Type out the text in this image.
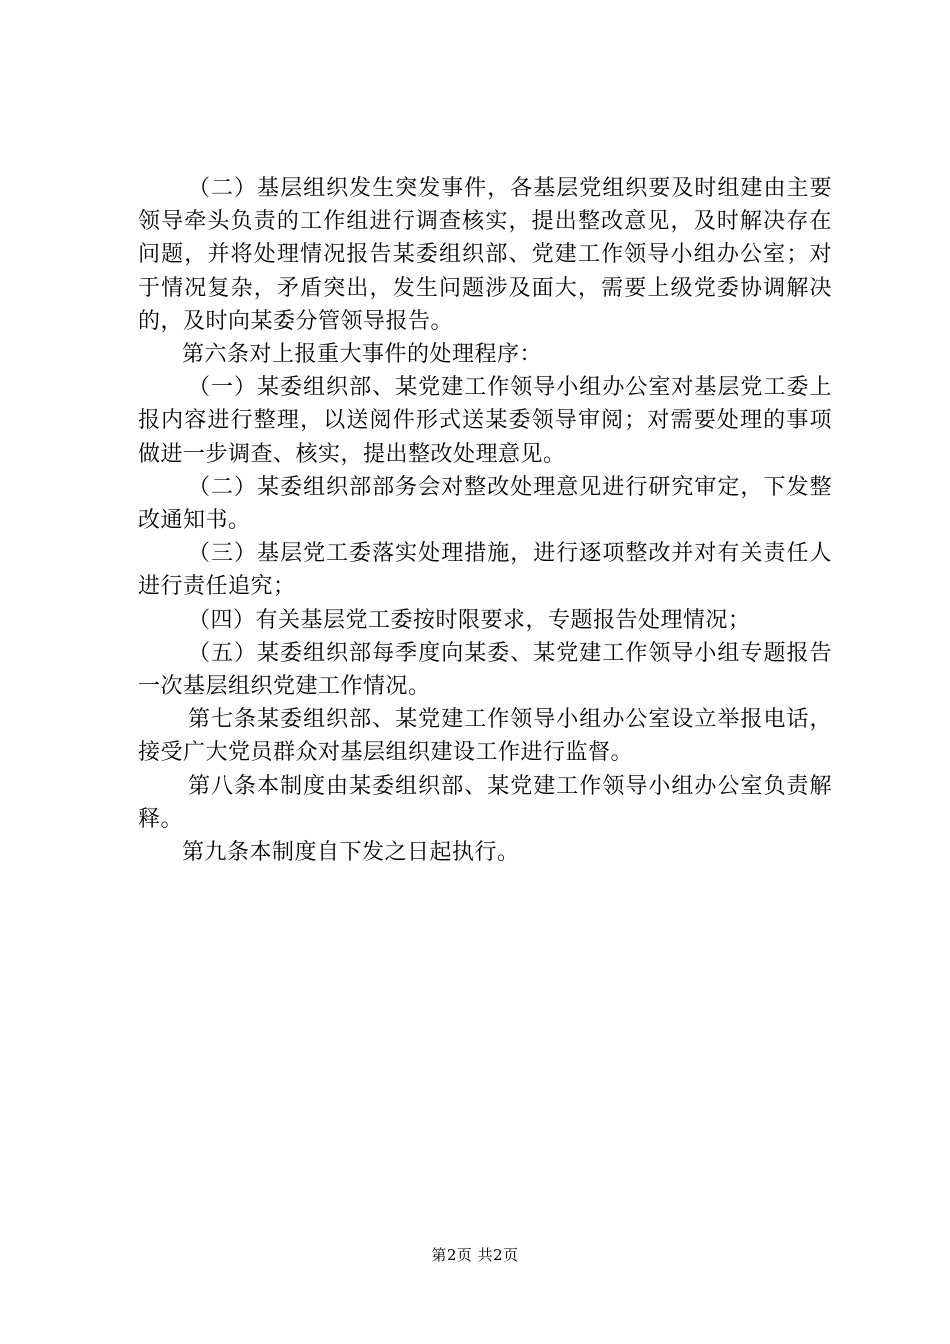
（二）基层组织发生突发事件，各基层党组织要及时组建由主要领导牵头负责的工作组进行调查核实，提出整改意见，及时解决存在问题，并将处理情况报告某委组织部、党建工作领导小组办公室；对于情况复杂，矛盾突出，发生问题涉及面大，需要上级党委协调解决的，及时向某委分管领导报告。

第六条对上报重大事件的处理程序：

（一）某委组织部、某党建工作领导小组办公室对基层党工委上报内容进行整理，以送阅件形式送某委领导审阅；对需要处理的事项做进一步调查、核实，提出整改处理意见。

（二）某委组织部部务会对整改处理意见进行研究审定，下发整改通知书。

（三）基层党工委落实处理措施，进行逐项整改并对有关责任人进行责任追究；

（四）有关基层党工委按时限要求，专题报告处理情况；

（五）某委组织部每季度向某委、某党建工作领导小组专题报告一次基层组织党建工作情况。

第七条某委组织部、某党建工作领导小组办公室设立举报电话，接受广大党员群众对基层组织建设工作进行监督。

第八条本制度由某委组织部、某党建工作领导小组办公室负责解释。

第九条本制度自下发之日起执行。

第2页 共2页
